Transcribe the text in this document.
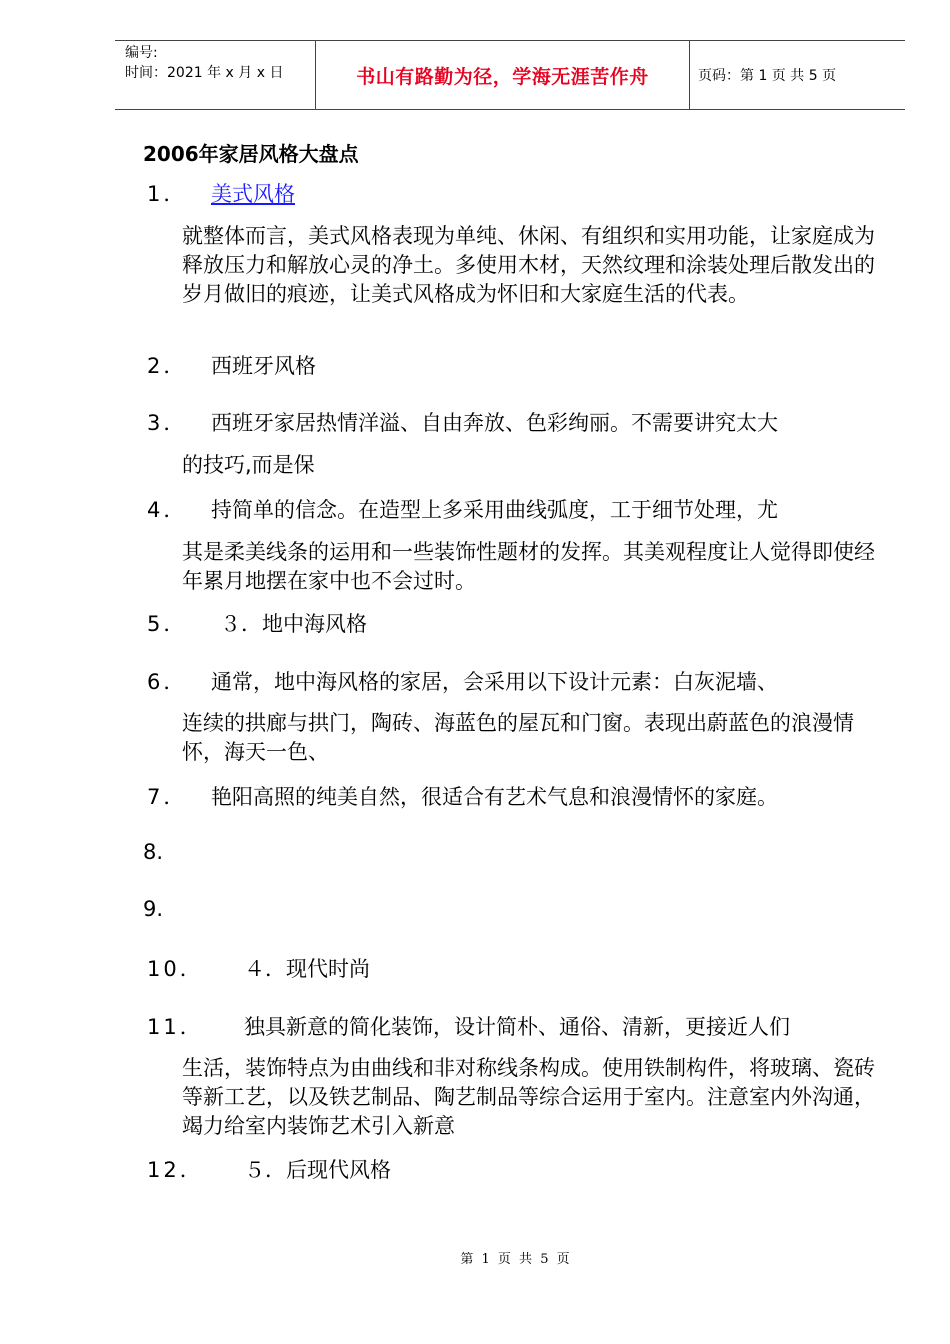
编号:
时间：2021 年 x 月 x 日	书山有路勤为径，学海无涯苦作舟	页码：第 1 页 共 5 页
2006年家居风格大盘点
1． 美式风格
就整体而言，美式风格表现为单纯、休闲、有组织和实用功能，让家庭成为释放压力和解放心灵的净土。多使用木材，天然纹理和涂装处理后散发出的岁月做旧的痕迹，让美式风格成为怀旧和大家庭生活的代表。
2． 西班牙风格
3． 西班牙家居热情洋溢、自由奔放、色彩绚丽。不需要讲究太大
的技巧,而是保
4． 持简单的信念。在造型上多采用曲线弧度，工于细节处理，尤
其是柔美线条的运用和一些装饰性题材的发挥。其美观程度让人觉得即使经年累月地摆在家中也不会过时。
5． ３．地中海风格
6． 通常，地中海风格的家居，会采用以下设计元素：白灰泥墙、
连续的拱廊与拱门，陶砖、海蓝色的屋瓦和门窗。表现出蔚蓝色的浪漫情怀，海天一色、
7． 艳阳高照的纯美自然，很适合有艺术气息和浪漫情怀的家庭。
8.
9.
10． ４．现代时尚
11． 独具新意的简化装饰，设计简朴、通俗、清新，更接近人们
生活，装饰特点为由曲线和非对称线条构成。使用铁制构件，将玻璃、瓷砖等新工艺，以及铁艺制品、陶艺制品等综合运用于室内。注意室内外沟通，竭力给室内装饰艺术引入新意
12． ５．后现代风格
第 1 页 共 5 页
